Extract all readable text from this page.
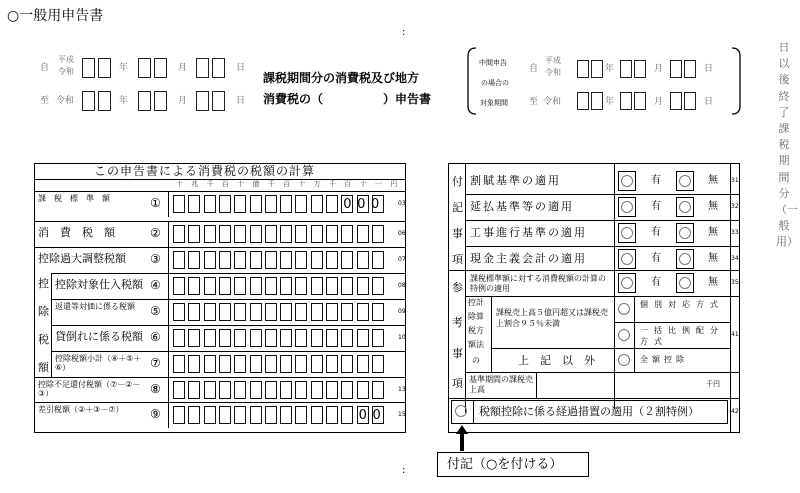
○一般用申告書
:
自
平成
令和	年	月	日
至 令和	年	月	日
課税期間分の消費税及び地方
消費税の（　　　　　）申告書
中間申告
の場合の
対象期間
自
平成
令和	年	月	日
至 令和	年	月	日
日以後終了課税期間分（一般用）
この申告書による消費税の税額の計算
十 兆 千 百 十 億 千 百 十 万 千 百 十 一 円
課　税　標　準　額	①	000 03
消　費　税　額	②	06
控除過大調整税額	③	07
控除対象仕入税額 ④	08
返還等対価に係る税額	⑤	09
貸倒れに係る税額 ⑥	10
控除税額小計（④＋⑤＋⑥）	⑦
控除不足還付税額（⑦－②－③）	⑧	13
差引税額（②＋③－⑦）	⑨	00 15
控
除
税
額
付
記
事
項
参
考
事
項
割賦基準の適用	有	無 31
延払基準等の適用	有	無 32
工事進行基準の適用	有	無 33
現金主義会計の適用	有	無 34
課税標準額に対する消費税額の計算の特例の適用
有	無 35
控計
除算
税方
額法
の
課税売上高５億円超又は課税売上割合９５％未満
個別対応方式
一括比例配分方式
上　記　以　外	全額控除
41
基準期間の課税売上高
千円
税額控除に係る経過措置の適用（２割特例）	42
付記（○を付ける）
:
